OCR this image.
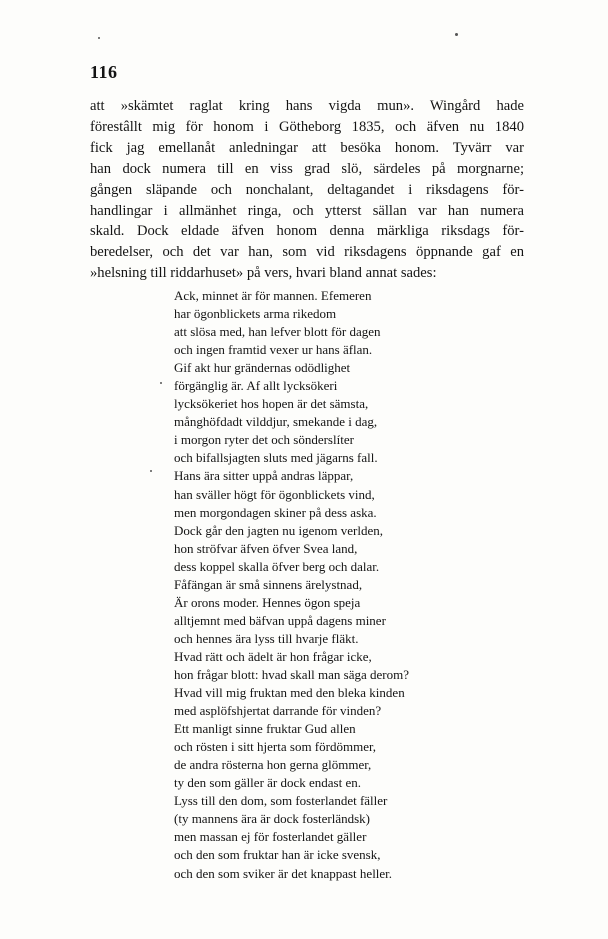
116
att »skämtet raglat kring hans vigda mun». Wingård hade
förestâllt mig för honom i Götheborg 1835, och äfven nu 1840
fick jag emellanåt anledningar att besöka honom. Tyvärr var
han dock numera till en viss grad slö, särdeles på morgnarne;
gången släpande och nonchalant, deltagandet i riksdagens för-
handlingar i allmänhet ringa, och ytterst sällan var han numera
skald. Dock eldade äfven honom denna märkliga riksdags för-
beredelser, och det var han, som vid riksdagens öppnande gaf en
»helsning till riddarhuset» på vers, hvari bland annat sades:
Ack, minnet är för mannen. Efemeren
har ögonblickets arma rikedom
att slösa med, han lefver blott för dagen
och ingen framtid vexer ur hans äflan.
Gif akt hur grändernas odödlighet
förgänglig är. Af allt lycksökeri
lycksökeriet hos hopen är det sämsta,
månghöfdadt vilddjur, smekande i dag,
i morgon ryter det och sönderslíter
och bifallsjagten sluts med jägarns fall.
Hans ära sitter uppå andras läppar,
han sväller högt för ögonblickets vind,
men morgondagen skiner på dess aska.
Dock går den jagten nu igenom verlden,
hon ströfvar äfven öfver Svea land,
dess koppel skalla öfver berg och dalar.
Fåfängan är små sinnens ärelystnad,
Är orons moder. Hennes ögon speja
alltjemnt med bäfvan uppå dagens miner
och hennes ära lyss till hvarje fläkt.
Hvad rätt och ädelt är hon frågar icke,
hon frågar blott: hvad skall man säga derom?
Hvad vill mig fruktan med den bleka kinden
med asplöfshjertat darrande för vinden?
Ett manligt sinne fruktar Gud allen
och rösten i sitt hjerta som fördömmer,
de andra rösterna hon gerna glömmer,
ty den som gäller är dock endast en.
Lyss till den dom, som fosterlandet fäller
(ty mannens ära är dock fosterländsk)
men massan ej för fosterlandet gäller
och den som fruktar han är icke svensk,
och den som sviker är det knappast heller.
